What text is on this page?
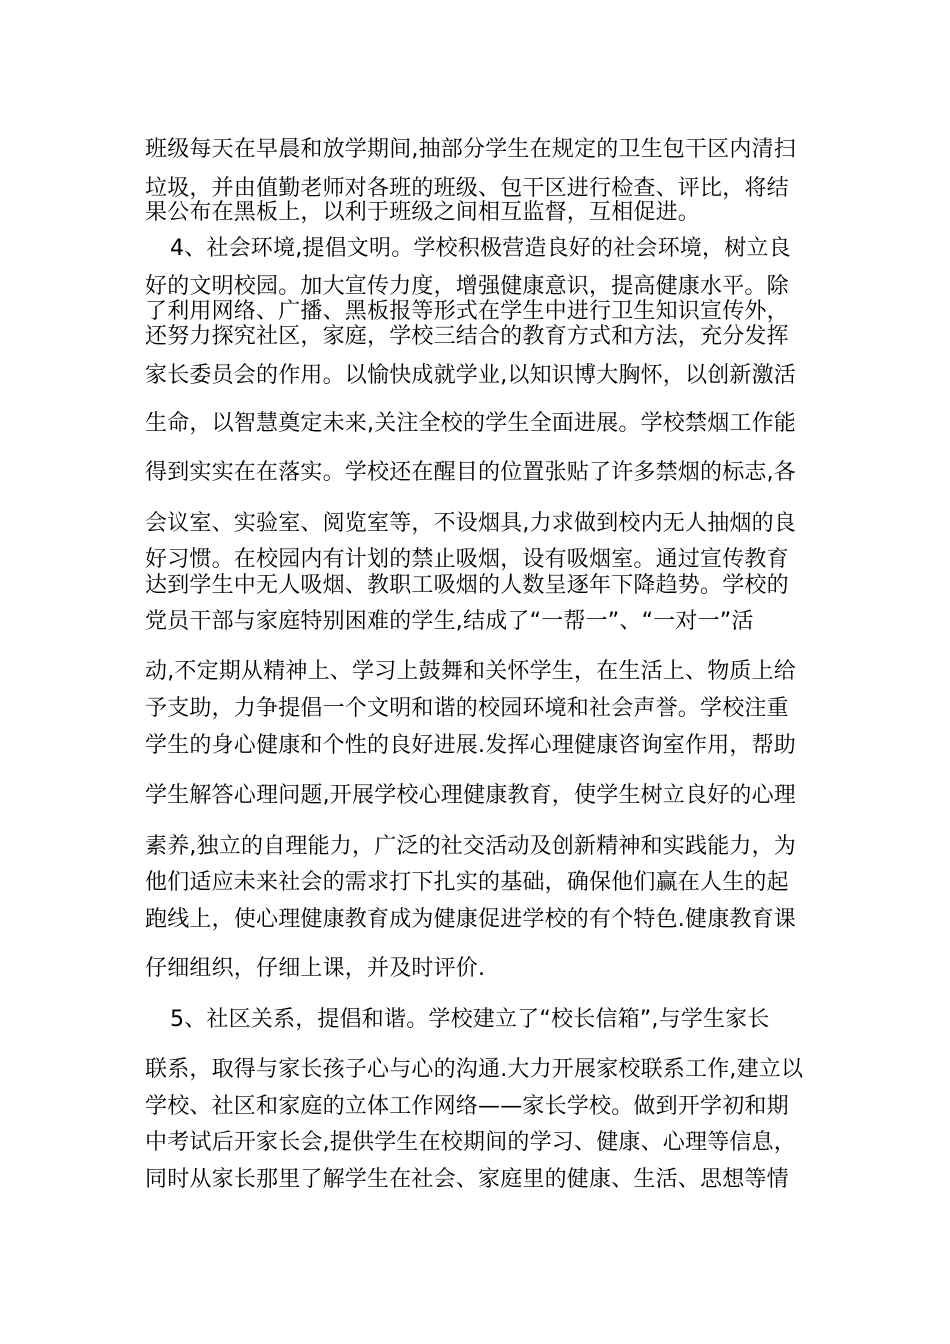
班级每天在早晨和放学期间,抽部分学生在规定的卫生包干区内清扫
垃圾，并由值勤老师对各班的班级、包干区进行检查、评比，将结
果公布在黑板上，以利于班级之间相互监督，互相促进。
4、社会环境,提倡文明。学校积极营造良好的社会环境，树立良
好的文明校园。加大宣传力度，增强健康意识，提高健康水平。除
了利用网络、广播、黑板报等形式在学生中进行卫生知识宣传外，
还努力探究社区，家庭，学校三结合的教育方式和方法，充分发挥
家长委员会的作用。以愉快成就学业,以知识博大胸怀，以创新激活
生命，以智慧奠定未来,关注全校的学生全面进展。学校禁烟工作能
得到实实在在落实。学校还在醒目的位置张贴了许多禁烟的标志,各
会议室、实验室、阅览室等，不设烟具,力求做到校内无人抽烟的良
好习惯。在校园内有计划的禁止吸烟，设有吸烟室。通过宣传教育
达到学生中无人吸烟、教职工吸烟的人数呈逐年下降趋势。学校的
党员干部与家庭特别困难的学生,结成了“一帮一”、“一对一”活
动,不定期从精神上、学习上鼓舞和关怀学生，在生活上、物质上给
予支助，力争提倡一个文明和谐的校园环境和社会声誉。学校注重
学生的身心健康和个性的良好进展.发挥心理健康咨询室作用，帮助
学生解答心理问题,开展学校心理健康教育，使学生树立良好的心理
素养,独立的自理能力，广泛的社交活动及创新精神和实践能力，为
他们适应未来社会的需求打下扎实的基础，确保他们赢在人生的起
跑线上，使心理健康教育成为健康促进学校的有个特色.健康教育课
仔细组织，仔细上课，并及时评价.
5、社区关系，提倡和谐。学校建立了“校长信箱”,与学生家长
联系，取得与家长孩子心与心的沟通.大力开展家校联系工作,建立以
学校、社区和家庭的立体工作网络——家长学校。做到开学初和期
中考试后开家长会,提供学生在校期间的学习、健康、心理等信息，
同时从家长那里了解学生在社会、家庭里的健康、生活、思想等情
